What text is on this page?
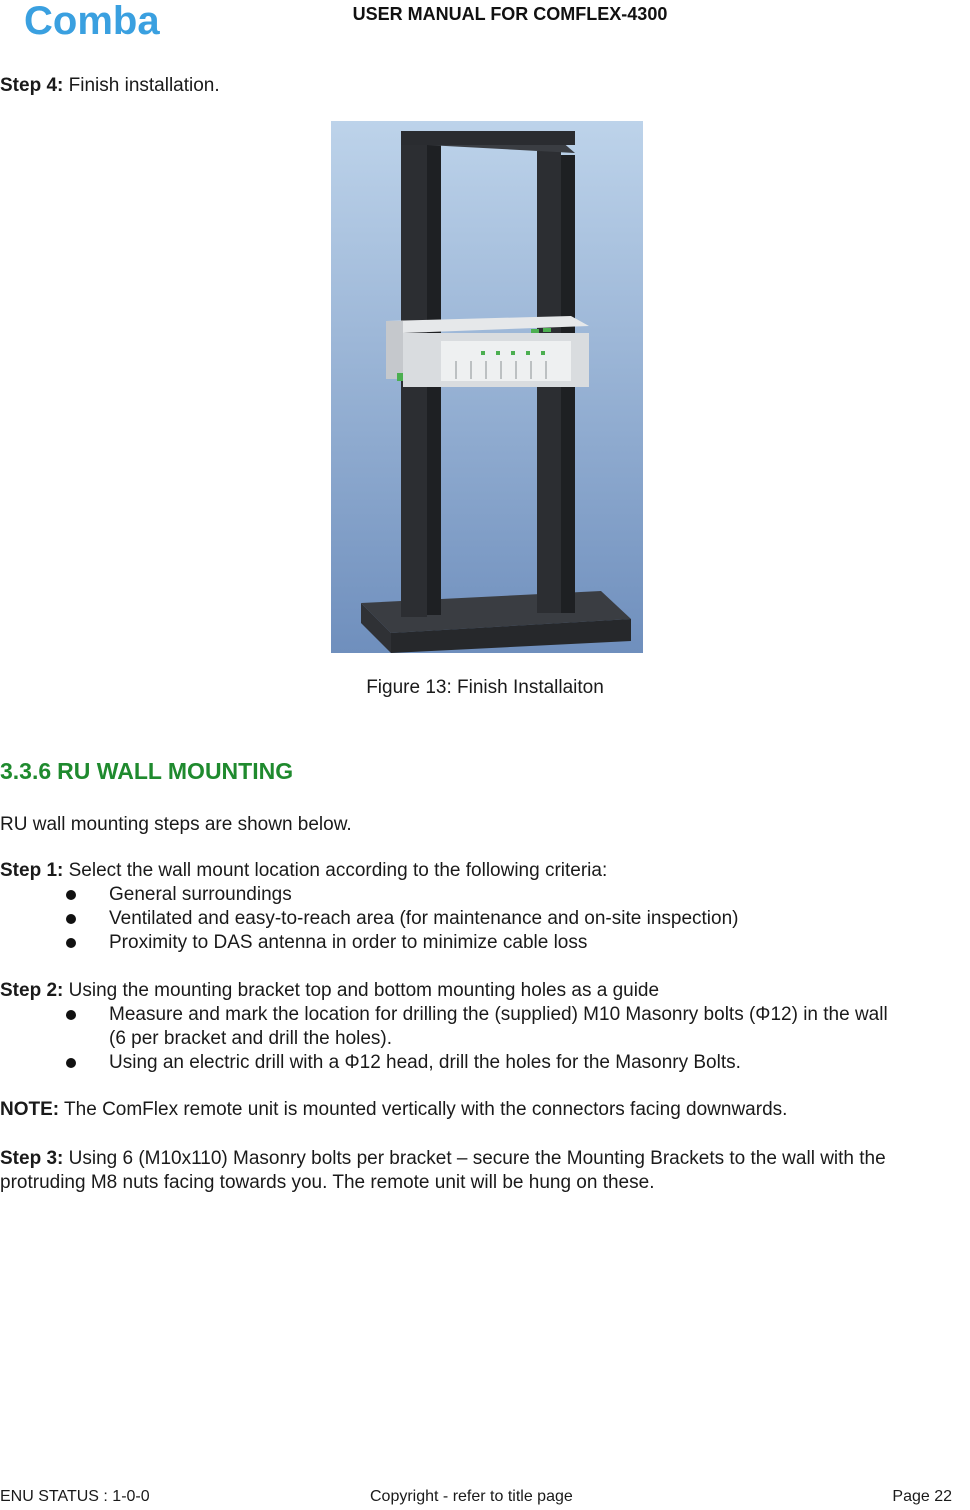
Comba	USER MANUAL FOR COMFLEX-4300
Step 4: Finish installation.
Figure 13: Finish Installaiton
3.3.6 RU WALL MOUNTING
RU wall mounting steps are shown below.
Step 1: Select the wall mount location according to the following criteria:
General surroundings
Ventilated and easy-to-reach area (for maintenance and on-site inspection)
Proximity to DAS antenna in order to minimize cable loss
Step 2: Using the mounting bracket top and bottom mounting holes as a guide
Measure and mark the location for drilling the (supplied) M10 Masonry bolts (Φ12) in the wall
(6 per bracket and drill the holes).
Using an electric drill with a Φ12 head, drill the holes for the Masonry Bolts.
NOTE: The ComFlex remote unit is mounted vertically with the connectors facing downwards.
Step 3: Using 6 (M10x110) Masonry bolts per bracket – secure the Mounting Brackets to the wall with the
protruding M8 nuts facing towards you. The remote unit will be hung on these.
ENU STATUS : 1-0-0	Copyright - refer to title page	Page 22
